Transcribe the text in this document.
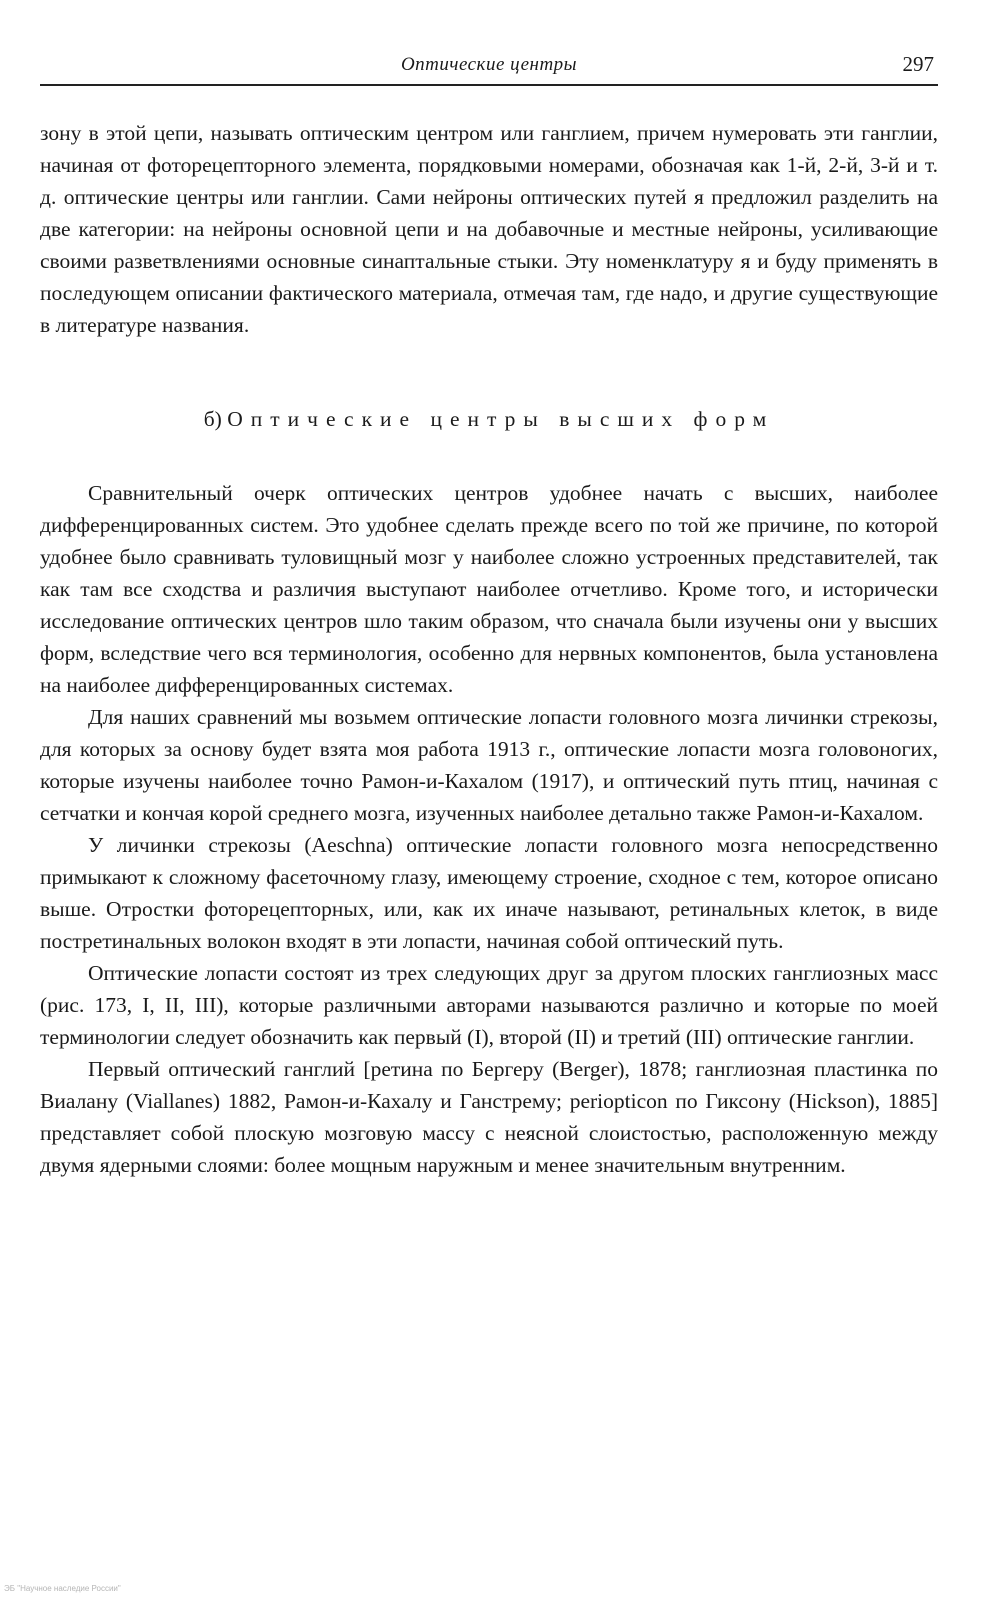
Оптические центры	297

зону в этой цепи, называть оптическим центром или ганглием, причем нумеровать эти ганглии, начиная от фоторецепторного элемента, порядковыми номерами, обозначая как 1-й, 2-й, 3-й и т. д. оптические центры или ганглии. Сами нейроны оптических путей я предложил разделить на две категории: на нейроны основной цепи и на добавочные и местные нейроны, усиливающие своими разветвлениями основные синаптальные стыки. Эту номенклатуру я и буду применять в последующем описании фактического материала, отмечая там, где надо, и другие существующие в литературе названия.

б) Оптические центры высших форм

Сравнительный очерк оптических центров удобнее начать с высших, наиболее дифференцированных систем. Это удобнее сделать прежде всего по той же причине, по которой удобнее было сравнивать туловищный мозг у наиболее сложно устроенных представителей, так как там все сходства и различия выступают наиболее отчетливо. Кроме того, и исторически исследование оптических центров шло таким образом, что сначала были изучены они у высших форм, вследствие чего вся терминология, особенно для нервных компонентов, была установлена на наиболее дифференцированных системах.

Для наших сравнений мы возьмем оптические лопасти головного мозга личинки стрекозы, для которых за основу будет взята моя работа 1913 г., оптические лопасти мозга головоногих, которые изучены наиболее точно Рамон-и-Кахалом (1917), и оптический путь птиц, начиная с сетчатки и кончая корой среднего мозга, изученных наиболее детально также Рамон-и-Кахалом.

У личинки стрекозы (Aeschna) оптические лопасти головного мозга непосредственно примыкают к сложному фасеточному глазу, имеющему строение, сходное с тем, которое описано выше. Отростки фоторецепторных, или, как их иначе называют, ретинальных клеток, в виде постретинальных волокон входят в эти лопасти, начиная собой оптический путь.

Оптические лопасти состоят из трех следующих друг за другом плоских ганглиозных масс (рис. 173, I, II, III), которые различными авторами называются различно и которые по моей терминологии следует обозначить как первый (I), второй (II) и третий (III) оптические ганглии.

Первый оптический ганглий [ретина по Бергеру (Berger), 1878; ганглиозная пластинка по Виалану (Viallanes) 1882, Рамон-и-Кахалу и Ганстрему; periopticon по Гиксону (Hickson), 1885] представляет собой плоскую мозговую массу с неясной слоистостью, расположенную между двумя ядерными слоями: более мощным наружным и менее значительным внутренним.

ЭБ "Научное наследие России"
